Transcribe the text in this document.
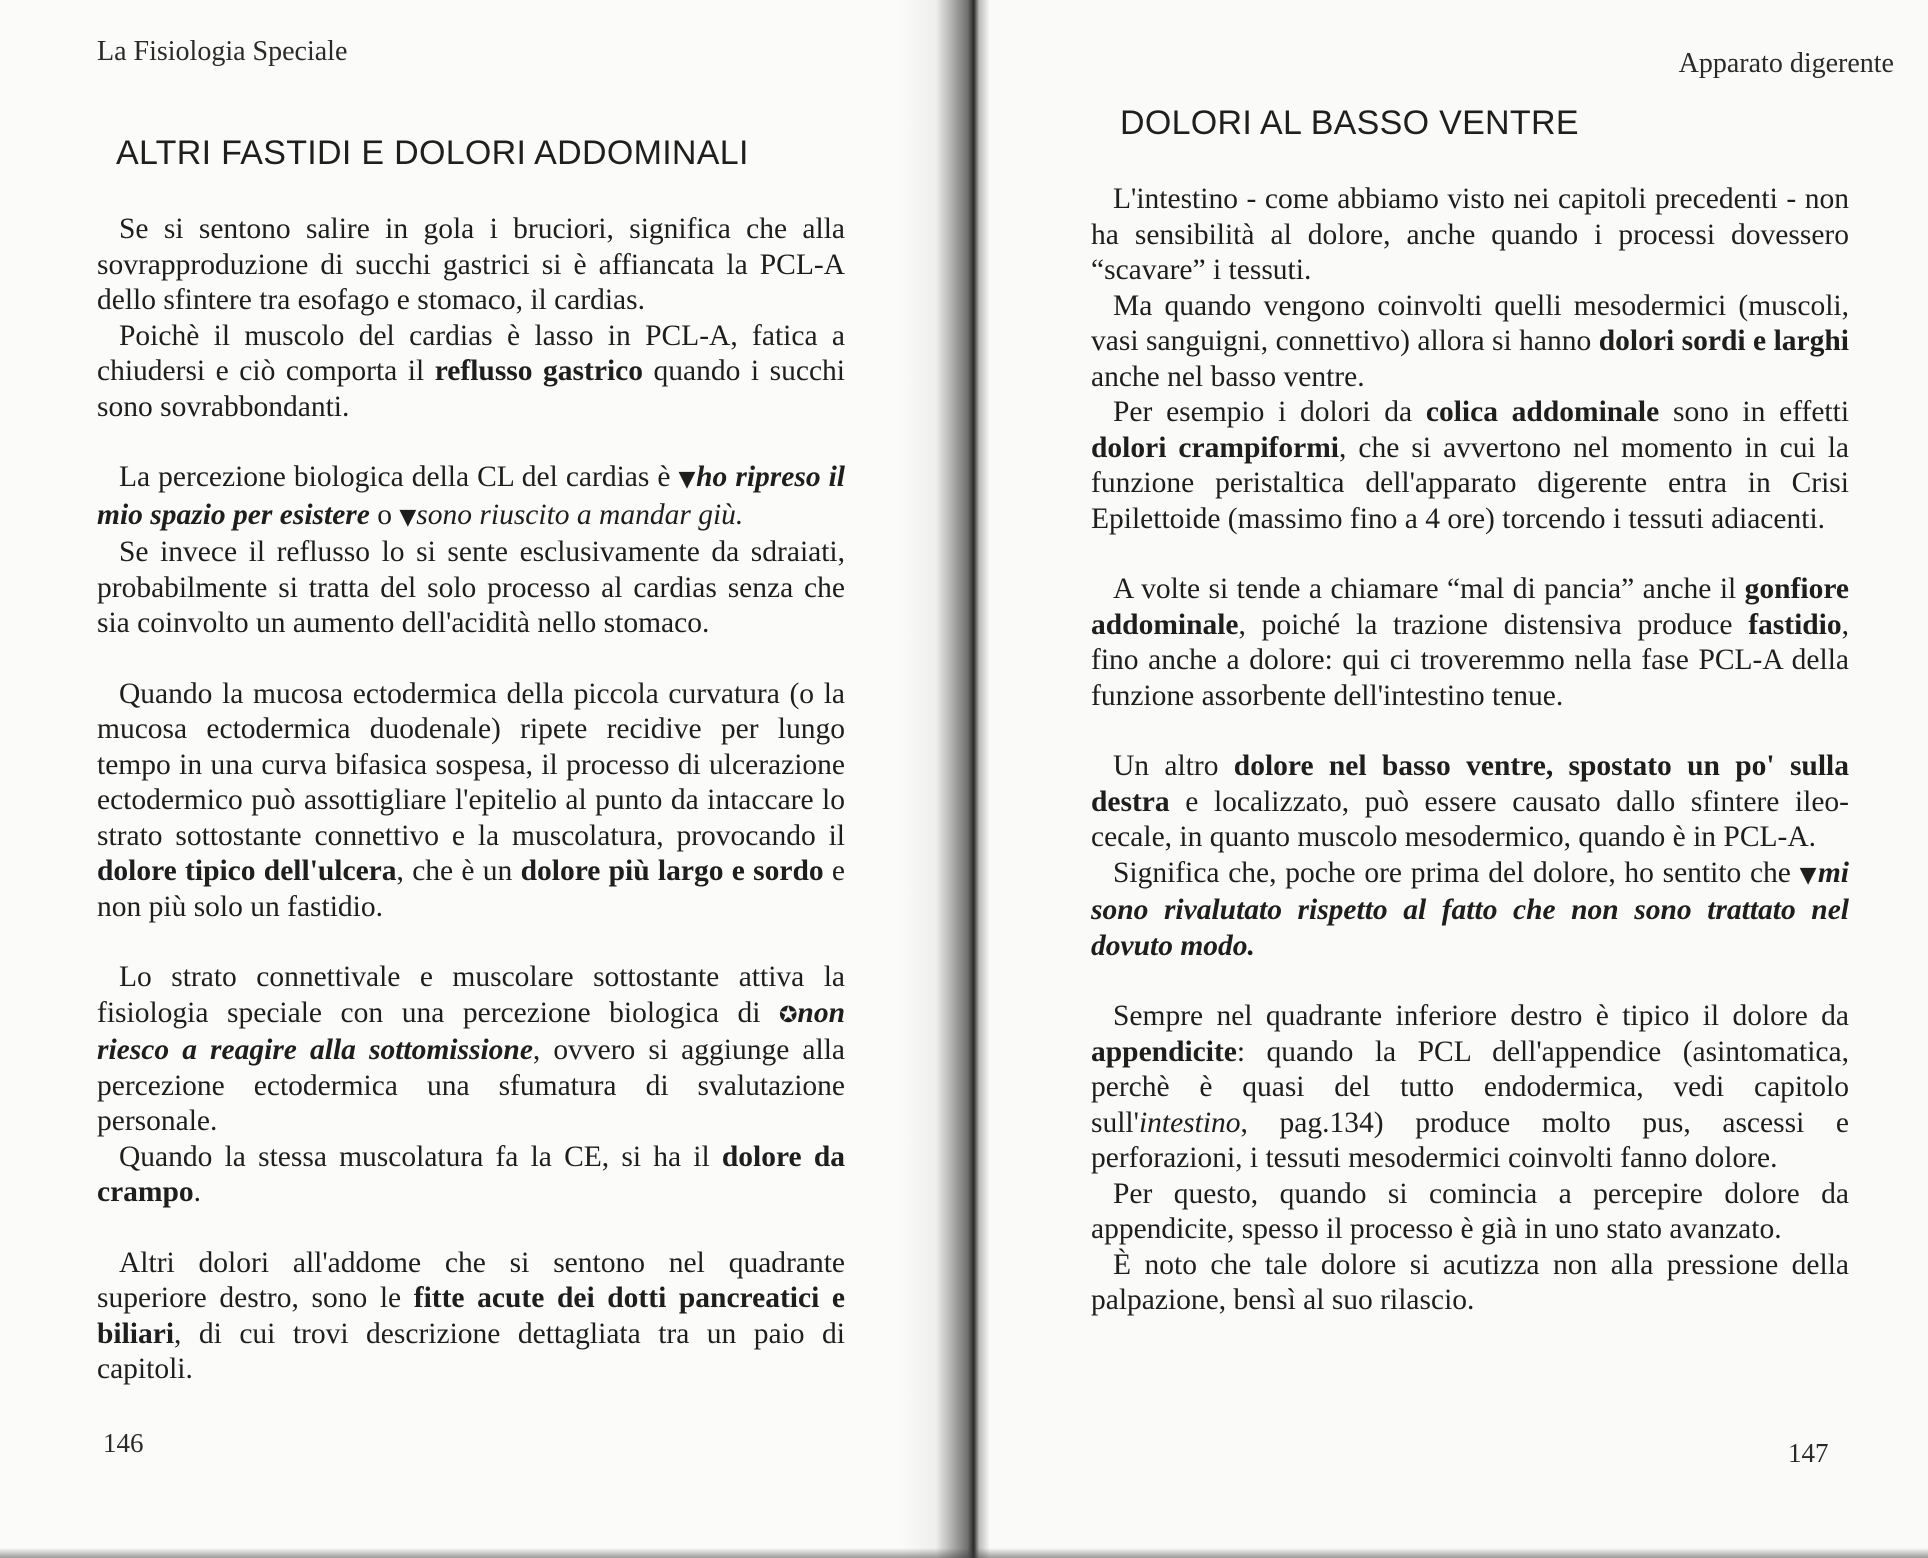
La Fisiologia Speciale
ALTRI FASTIDI E DOLORI ADDOMINALI

Se si sentono salire in gola i bruciori, significa che alla sovrapproduzione di succhi gastrici si è affiancata la PCL-A dello sfintere tra esofago e stomaco, il cardias.

Poichè il muscolo del cardias è lasso in PCL-A, fatica a chiudersi e ciò comporta il reflusso gastrico quando i succhi sono sovrabbondanti.

La percezione biologica della CL del cardias è ▼ho ripreso il mio spazio per esistere o ▼sono riuscito a mandar giù.

Se invece il reflusso lo si sente esclusivamente da sdraiati, probabilmente si tratta del solo processo al cardias senza che sia coinvolto un aumento dell'acidità nello stomaco.

Quando la mucosa ectodermica della piccola curvatura (o la mucosa ectodermica duodenale) ripete recidive per lungo tempo in una curva bifasica sospesa, il processo di ulcerazione ectodermico può assottigliare l'epitelio al punto da intaccare lo strato sottostante connettivo e la muscolatura, provocando il dolore tipico dell'ulcera, che è un dolore più largo e sordo e non più solo un fastidio.

Lo strato connettivale e muscolare sottostante attiva la fisiologia speciale con una percezione biologica di ✪non riesco a reagire alla sottomissione, ovvero si aggiunge alla percezione ectodermica una sfumatura di svalutazione personale.

Quando la stessa muscolatura fa la CE, si ha il dolore da crampo.

Altri dolori all'addome che si sentono nel quadrante superiore destro, sono le fitte acute dei dotti pancreatici e biliari, di cui trovi descrizione dettagliata tra un paio di capitoli.

146
Apparato digerente
DOLORI AL BASSO VENTRE

L'intestino - come abbiamo visto nei capitoli precedenti - non ha sensibilità al dolore, anche quando i processi dovessero “scavare” i tessuti.

Ma quando vengono coinvolti quelli mesodermici (muscoli, vasi sanguigni, connettivo) allora si hanno dolori sordi e larghi anche nel basso ventre.

Per esempio i dolori da colica addominale sono in effetti dolori crampiformi, che si avvertono nel momento in cui la funzione peristaltica dell'apparato digerente entra in Crisi Epilettoide (massimo fino a 4 ore) torcendo i tessuti adiacenti.

A volte si tende a chiamare “mal di pancia” anche il gonfiore addominale, poiché la trazione distensiva produce fastidio, fino anche a dolore: qui ci troveremmo nella fase PCL-A della funzione assorbente dell'intestino tenue.

Un altro dolore nel basso ventre, spostato un po' sulla destra e localizzato, può essere causato dallo sfintere ileo-cecale, in quanto muscolo mesodermico, quando è in PCL-A.

Significa che, poche ore prima del dolore, ho sentito che ▼mi sono rivalutato rispetto al fatto che non sono trattato nel dovuto modo.

Sempre nel quadrante inferiore destro è tipico il dolore da appendicite: quando la PCL dell'appendice (asintomatica, perchè è quasi del tutto endodermica, vedi capitolo sull'intestino, pag.134) produce molto pus, ascessi e perforazioni, i tessuti mesodermici coinvolti fanno dolore.

Per questo, quando si comincia a percepire dolore da appendicite, spesso il processo è già in uno stato avanzato.

È noto che tale dolore si acutizza non alla pressione della palpazione, bensì al suo rilascio.

147
